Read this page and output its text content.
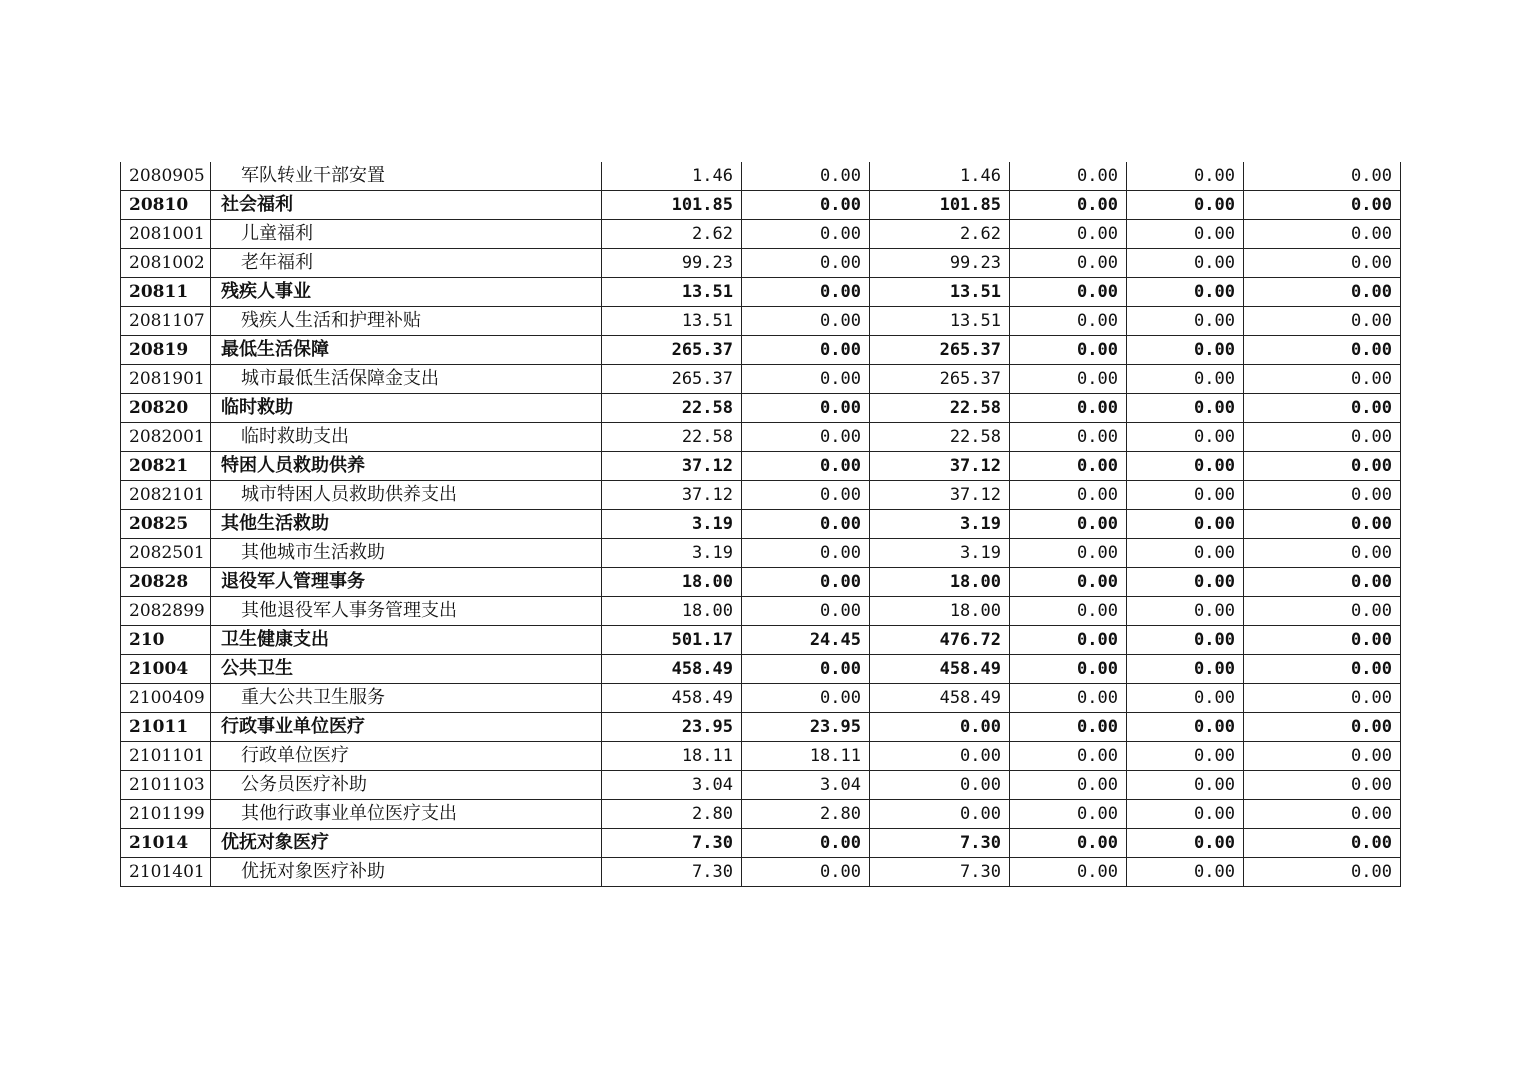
2080905	军队转业干部安置	1.46	0.00	1.46	0.00	0.00	0.00
20810	社会福利	101.85	0.00	101.85	0.00	0.00	0.00
2081001	儿童福利	2.62	0.00	2.62	0.00	0.00	0.00
2081002	老年福利	99.23	0.00	99.23	0.00	0.00	0.00
20811	残疾人事业	13.51	0.00	13.51	0.00	0.00	0.00
2081107	残疾人生活和护理补贴	13.51	0.00	13.51	0.00	0.00	0.00
20819	最低生活保障	265.37	0.00	265.37	0.00	0.00	0.00
2081901	城市最低生活保障金支出	265.37	0.00	265.37	0.00	0.00	0.00
20820	临时救助	22.58	0.00	22.58	0.00	0.00	0.00
2082001	临时救助支出	22.58	0.00	22.58	0.00	0.00	0.00
20821	特困人员救助供养	37.12	0.00	37.12	0.00	0.00	0.00
2082101	城市特困人员救助供养支出	37.12	0.00	37.12	0.00	0.00	0.00
20825	其他生活救助	3.19	0.00	3.19	0.00	0.00	0.00
2082501	其他城市生活救助	3.19	0.00	3.19	0.00	0.00	0.00
20828	退役军人管理事务	18.00	0.00	18.00	0.00	0.00	0.00
2082899	其他退役军人事务管理支出	18.00	0.00	18.00	0.00	0.00	0.00
210	卫生健康支出	501.17	24.45	476.72	0.00	0.00	0.00
21004	公共卫生	458.49	0.00	458.49	0.00	0.00	0.00
2100409	重大公共卫生服务	458.49	0.00	458.49	0.00	0.00	0.00
21011	行政事业单位医疗	23.95	23.95	0.00	0.00	0.00	0.00
2101101	行政单位医疗	18.11	18.11	0.00	0.00	0.00	0.00
2101103	公务员医疗补助	3.04	3.04	0.00	0.00	0.00	0.00
2101199	其他行政事业单位医疗支出	2.80	2.80	0.00	0.00	0.00	0.00
21014	优抚对象医疗	7.30	0.00	7.30	0.00	0.00	0.00
2101401	优抚对象医疗补助	7.30	0.00	7.30	0.00	0.00	0.00
